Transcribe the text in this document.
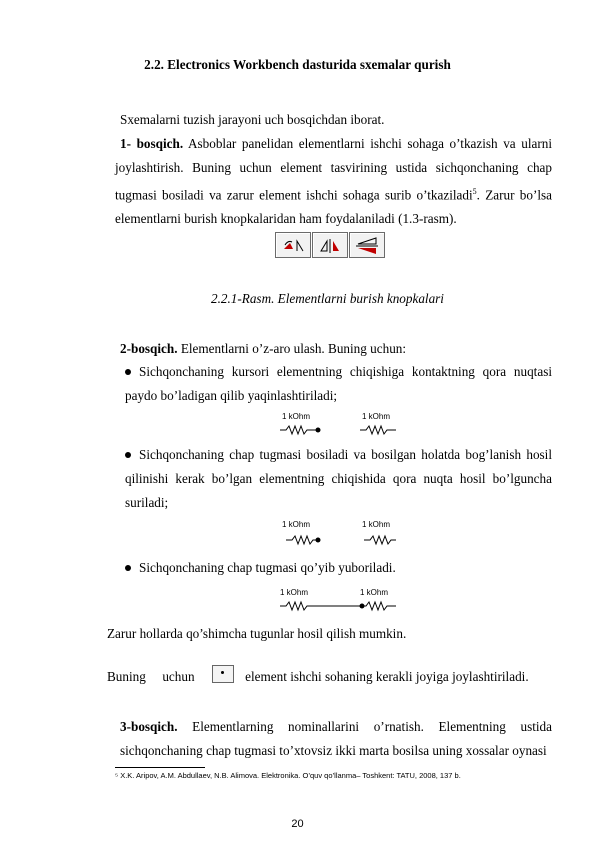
2.2. Electronics Workbench dasturida sxemalar qurish
Sxemalarni tuzish jarayoni uch bosqichdan iborat.
1- bosqich. Asboblar panelidan elementlarni ishchi sohaga o’tkazish va ularni joylashtirish. Buning uchun element tasvirining ustida sichqonchaning chap tugmasi bosiladi va zarur element ishchi sohaga surib o’tkaziladi$^5$. Zarur bo’lsa elementlarni burish knopkalaridan ham foydalaniladi (1.3-rasm).
2.2.1-Rasm. Elementlarni burish knopkalari
2-bosqich. Elementlarni o’z-aro ulash. Buning uchun:
Sichqonchaning kursori elementning chiqishiga kontaktning qora nuqtasi paydo bo’ladigan qilib yaqinlashtiriladi;
1 kOhm	1 kOhm
Sichqonchaning chap tugmasi bosiladi va bosilgan holatda bog’lanish hosil qilinishi kerak bo’lgan elementning chiqishida qora nuqta hosil bo’lguncha suriladi;
1 kOhm	1 kOhm
Sichqonchaning chap tugmasi qo’yib yuboriladi.
1 kOhm	1 kOhm
Zarur hollarda qo’shimcha tugunlar hosil qilish mumkin.
Buning     uchun	element ishchi sohaning kerakli joyiga joylashtiriladi.
3-bosqich. Elementlarning nominallarini o’rnatish. Elementning ustida sichqonchaning chap tugmasi to’xtovsiz ikki marta bosilsa uning xossalar oynasi
⁵ X.K. Aripov, A.M. Abdullaev, N.B. Alimova. Elektronika. O’quv qo’llanma– Toshkent: TATU, 2008, 137 b.
20
